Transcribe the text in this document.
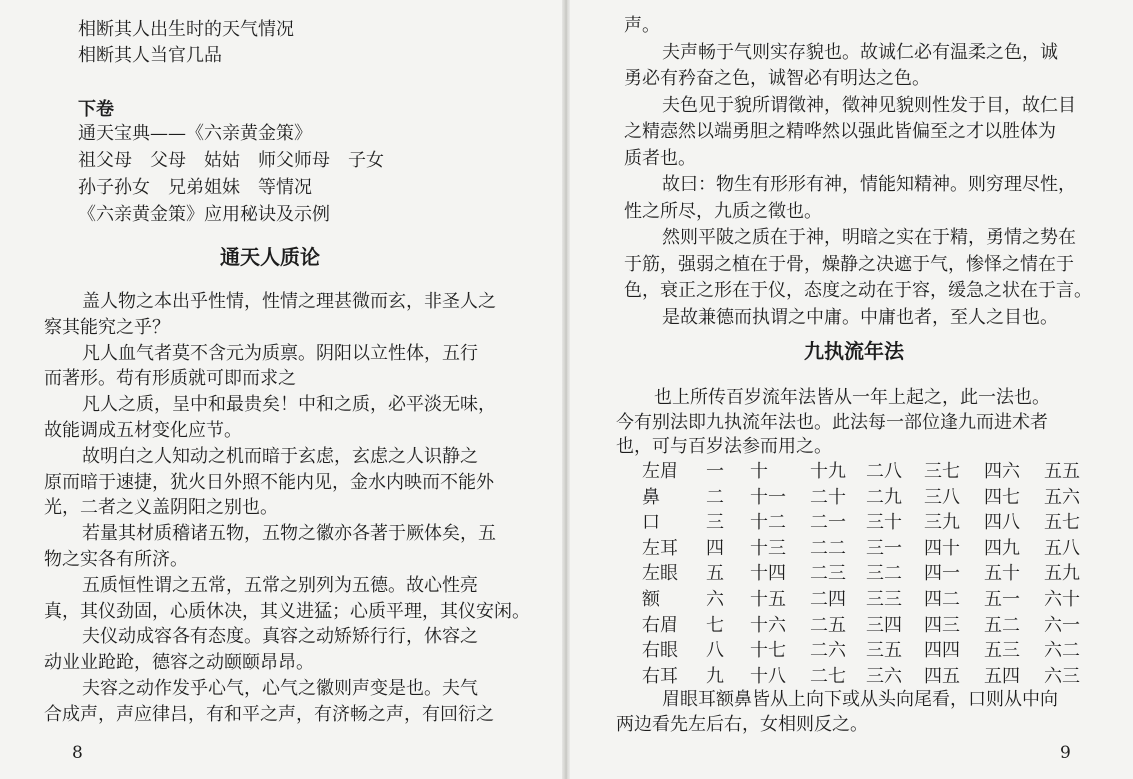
相断其人出生时的天气情况
相断其人当官几品
下卷
通天宝典——《六亲黄金策》
祖父母　父母　姑姑　师父师母　子女
孙子孙女　兄弟姐妹　等情况
《六亲黄金策》应用秘诀及示例
通天人质论
盖人物之本出乎性情，性情之理甚微而玄，非圣人之
察其能究之乎？
凡人血气者莫不含元为质禀。阴阳以立性体，五行
而著形。苟有形质就可即而求之
凡人之质，呈中和最贵矣！中和之质，必平淡无味，
故能调成五材变化应节。
故明白之人知动之机而暗于玄虑，玄虑之人识静之
原而暗于速捷，犹火日外照不能内见，金水内映而不能外
光，二者之义盖阴阳之别也。
若量其材质稽诸五物，五物之徽亦各著于厥体矣，五
物之实各有所济。
五质恒性谓之五常，五常之别列为五德。故心性亮
真，其仪劲固，心质休决，其义进猛；心质平理，其仪安闲。
夫仪动成容各有态度。真容之动矫矫行行，休容之
动业业跄跄，德容之动颐颐昂昂。
夫容之动作发乎心气，心气之徽则声变是也。夫气
合成声，声应律吕，有和平之声，有济畅之声，有回衍之
8
声。
夫声畅于气则实存貌也。故诚仁必有温柔之色，诚
勇必有矜奋之色，诚智必有明达之色。
夫色见于貌所谓徵神，徵神见貌则性发于目，故仁目
之精悫然以端勇胆之精哗然以强此皆偏至之才以胜体为
质者也。
故曰：物生有形形有神，情能知精神。则穷理尽性，
性之所尽，九质之徵也。
然则平陂之质在于神，明暗之实在于精，勇情之势在
于筋，强弱之植在于骨，燥静之决遮于气，惨怿之情在于
色，衰正之形在于仪，态度之动在于容，缓急之状在于言。
是故兼德而执谓之中庸。中庸也者，至人之目也。
九执流年法
也上所传百岁流年法皆从一年上起之，此一法也。
今有别法即九执流年法也。此法每一部位逢九而进术者
也，可与百岁法参而用之。
左眉 一 十 十九 二八 三七 四六 五五
鼻	二 十一 二十 二九 三八 四七 五六
口	三 十二 二一 三十 三九 四八 五七
左耳 四 十三 二二 三一 四十 四九 五八
左眼 五 十四 二三 三二 四一 五十 五九
额	六 十五 二四 三三 四二 五一 六十
右眉 七 十六 二五 三四 四三 五二 六一
右眼 八 十七 二六 三五 四四 五三 六二
右耳 九 十八 二七 三六 四五 五四 六三
眉眼耳额鼻皆从上向下或从头向尾看，口则从中向
两边看先左后右，女相则反之。
9
